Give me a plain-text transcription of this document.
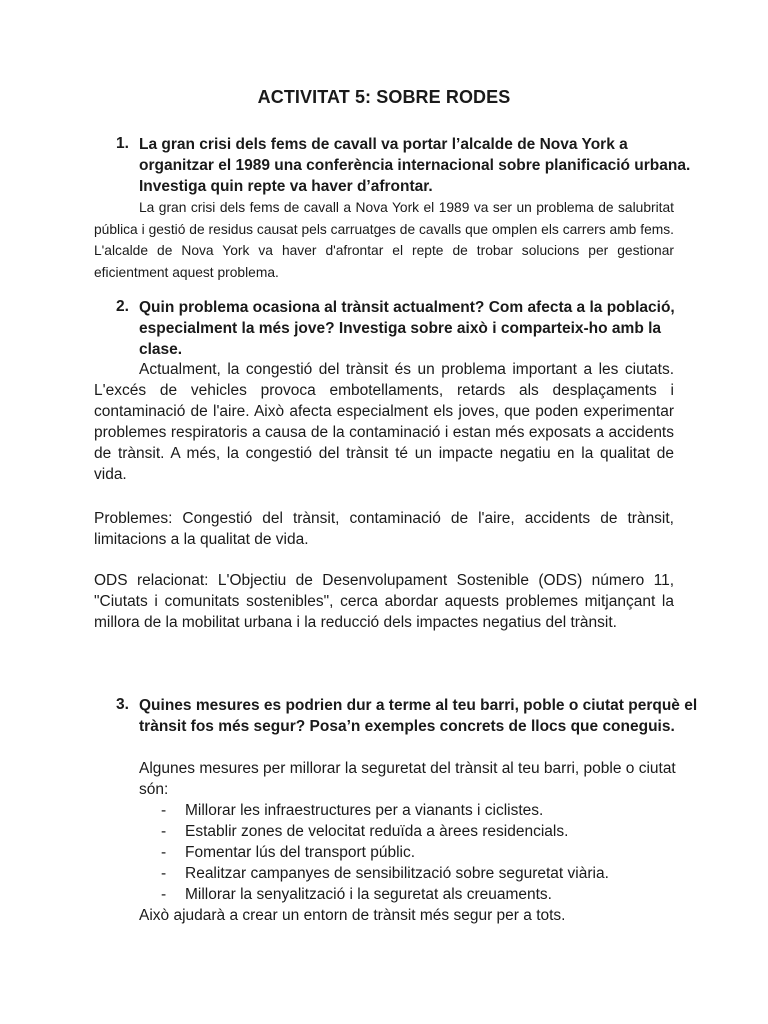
ACTIVITAT 5: SOBRE RODES
1. La gran crisi dels fems de cavall va portar l’alcalde de Nova York a organitzar el 1989 una conferència internacional sobre planificació urbana. Investiga quin repte va haver d’afrontar.
La gran crisi dels fems de cavall a Nova York el 1989 va ser un problema de salubritat pública i gestió de residus causat pels carruatges de cavalls que omplen els carrers amb fems. L'alcalde de Nova York va haver d'afrontar el repte de trobar solucions per gestionar eficientment aquest problema.
2. Quin problema ocasiona al trànsit actualment? Com afecta a la població, especialment la més jove? Investiga sobre això i comparteix-ho amb la clase.
Actualment, la congestió del trànsit és un problema important a les ciutats. L'excés de vehicles provoca embotellaments, retards als desplaçaments i contaminació de l'aire. Això afecta especialment els joves, que poden experimentar problemes respiratoris a causa de la contaminació i estan més exposats a accidents de trànsit. A més, la congestió del trànsit té un impacte negatiu en la qualitat de vida.
Problemes: Congestió del trànsit, contaminació de l'aire, accidents de trànsit, limitacions a la qualitat de vida.
ODS relacionat: L'Objectiu de Desenvolupament Sostenible (ODS) número 11, "Ciutats i comunitats sostenibles", cerca abordar aquests problemes mitjançant la millora de la mobilitat urbana i la reducció dels impactes negatius del trànsit.
3. Quines mesures es podrien dur a terme al teu barri, poble o ciutat perquè el trànsit fos més segur? Posa’n exemples concrets de llocs que coneguis.
Algunes mesures per millorar la seguretat del trànsit al teu barri, poble o ciutat són:
- Millorar les infraestructures per a vianants i ciclistes.
- Establir zones de velocitat reduïda a àrees residencials.
- Fomentar lús del transport públic.
- Realitzar campanyes de sensibilització sobre seguretat viària.
- Millorar la senyalització i la seguretat als creuaments.
Això ajudarà a crear un entorn de trànsit més segur per a tots.
